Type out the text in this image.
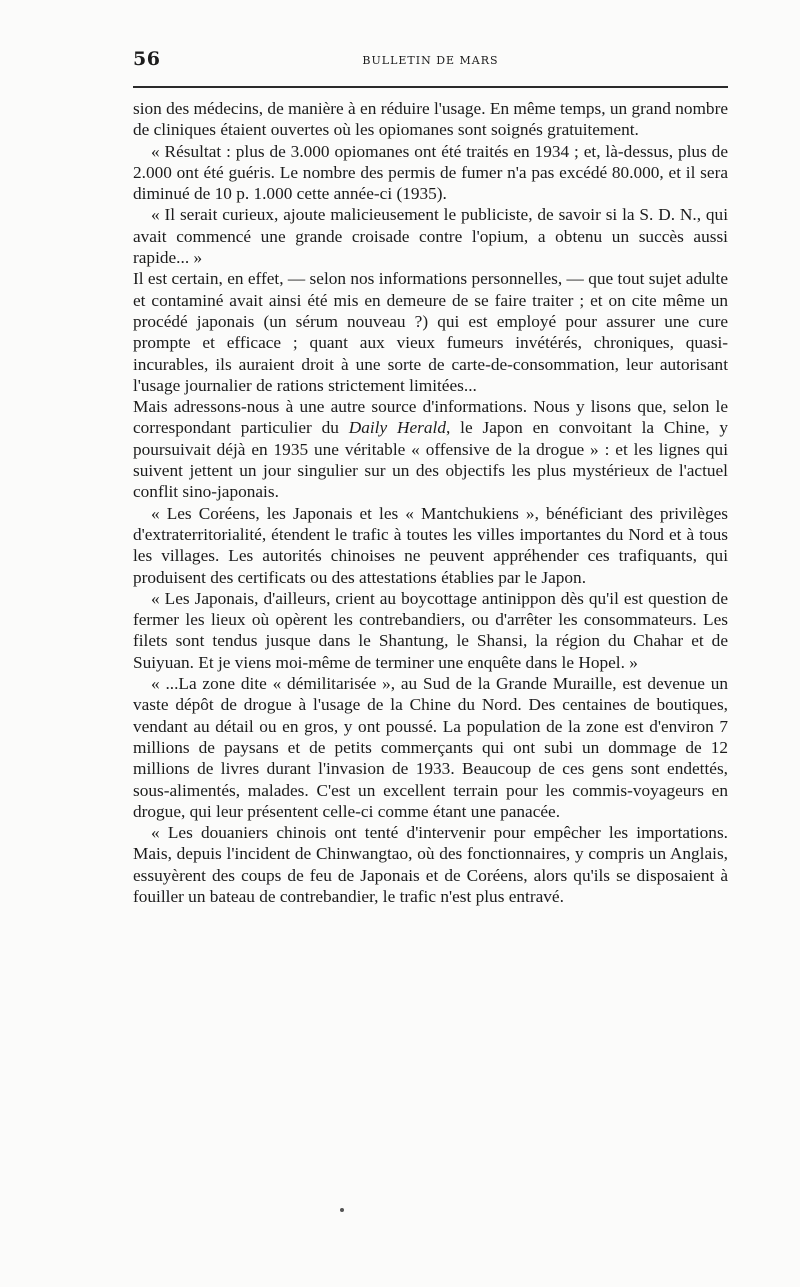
56	BULLETIN DE MARS

sion des médecins, de manière à en réduire l'usage. En même temps, un grand nombre de cliniques étaient ouvertes où les opiomanes sont soignés gratuitement.

« Résultat : plus de 3.000 opiomanes ont été traités en 1934 ; et, là-dessus, plus de 2.000 ont été guéris. Le nombre des permis de fumer n'a pas excédé 80.000, et il sera diminué de 10 p. 1.000 cette année-ci (1935).

« Il serait curieux, ajoute malicieusement le publiciste, de savoir si la S. D. N., qui avait commencé une grande croisade contre l'opium, a obtenu un succès aussi rapide... »

Il est certain, en effet, — selon nos informations personnelles, — que tout sujet adulte et contaminé avait ainsi été mis en demeure de se faire traiter ; et on cite même un procédé japonais (un sérum nouveau ?) qui est employé pour assurer une cure prompte et efficace ; quant aux vieux fumeurs invétérés, chroniques, quasi-incurables, ils auraient droit à une sorte de carte-de-consommation, leur autorisant l'usage journalier de rations strictement limitées...

Mais adressons-nous à une autre source d'informations. Nous y lisons que, selon le correspondant particulier du Daily Herald, le Japon en convoitant la Chine, y poursuivait déjà en 1935 une véritable « offensive de la drogue » : et les lignes qui suivent jettent un jour singulier sur un des objectifs les plus mystérieux de l'actuel conflit sino-japonais.

« Les Coréens, les Japonais et les « Mantchukiens », bénéficiant des privilèges d'extraterritorialité, étendent le trafic à toutes les villes importantes du Nord et à tous les villages. Les autorités chinoises ne peuvent appréhender ces trafiquants, qui produisent des certificats ou des attestations établies par le Japon.

« Les Japonais, d'ailleurs, crient au boycottage antinippon dès qu'il est question de fermer les lieux où opèrent les contrebandiers, ou d'arrêter les consommateurs. Les filets sont tendus jusque dans le Shantung, le Shansi, la région du Chahar et de Suiyuan. Et je viens moi-même de terminer une enquête dans le Hopel. »

« ...La zone dite « démilitarisée », au Sud de la Grande Muraille, est devenue un vaste dépôt de drogue à l'usage de la Chine du Nord. Des centaines de boutiques, vendant au détail ou en gros, y ont poussé. La population de la zone est d'environ 7 millions de paysans et de petits commerçants qui ont subi un dommage de 12 millions de livres durant l'invasion de 1933. Beaucoup de ces gens sont endettés, sous-alimentés, malades. C'est un excellent terrain pour les commis-voyageurs en drogue, qui leur présentent celle-ci comme étant une panacée.

« Les douaniers chinois ont tenté d'intervenir pour empêcher les importations. Mais, depuis l'incident de Chinwangtao, où des fonctionnaires, y compris un Anglais, essuyèrent des coups de feu de Japonais et de Coréens, alors qu'ils se disposaient à fouiller un bateau de contrebandier, le trafic n'est plus entravé.
